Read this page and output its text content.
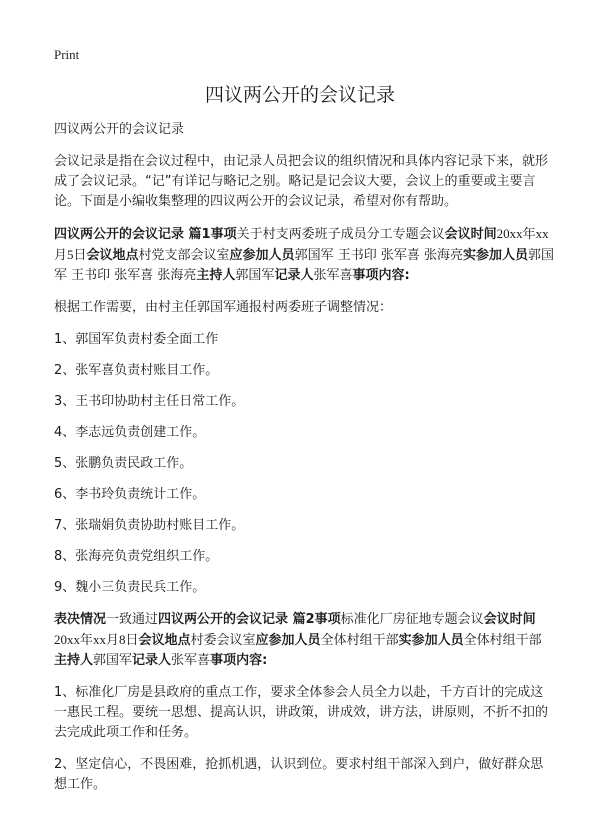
Print
四议两公开的会议记录

四议两公开的会议记录

会议记录是指在会议过程中，由记录人员把会议的组织情况和具体内容记录下来，就形成了会议记录。“记”有详记与略记之别。略记是记会议大要，会议上的重要或主要言论。下面是小编收集整理的四议两公开的会议记录，希望对你有帮助。

四议两公开的会议记录 篇1事项关于村支两委班子成员分工专题会议会议时间20xx年xx月5日会议地点村党支部会议室应参加人员郭国军 王书印 张军喜 张海亮实参加人员郭国军 王书印 张军喜 张海亮主持人郭国军记录人张军喜事项内容:

根据工作需要，由村主任郭国军通报村两委班子调整情况：

1、郭国军负责村委全面工作

2、张军喜负责村账目工作。

3、王书印协助村主任日常工作。

4、李志远负责创建工作。

5、张鹏负责民政工作。

6、李书玲负责统计工作。

7、张瑞娟负责协助村账目工作。

8、张海亮负责党组织工作。

9、魏小三负责民兵工作。

表决情况一致通过四议两公开的会议记录 篇2事项标准化厂房征地专题会议会议时间20xx年xx月8日会议地点村委会议室应参加人员全体村组干部实参加人员全体村组干部主持人郭国军记录人张军喜事项内容:

1、标准化厂房是县政府的重点工作，要求全体参会人员全力以赴，千方百计的完成这一惠民工程。要统一思想、提高认识，讲政策，讲成效，讲方法，讲原则，不折不扣的去完成此项工作和任务。

2、坚定信心，不畏困难，抢抓机遇，认识到位。要求村组干部深入到户，做好群众思想工作。
